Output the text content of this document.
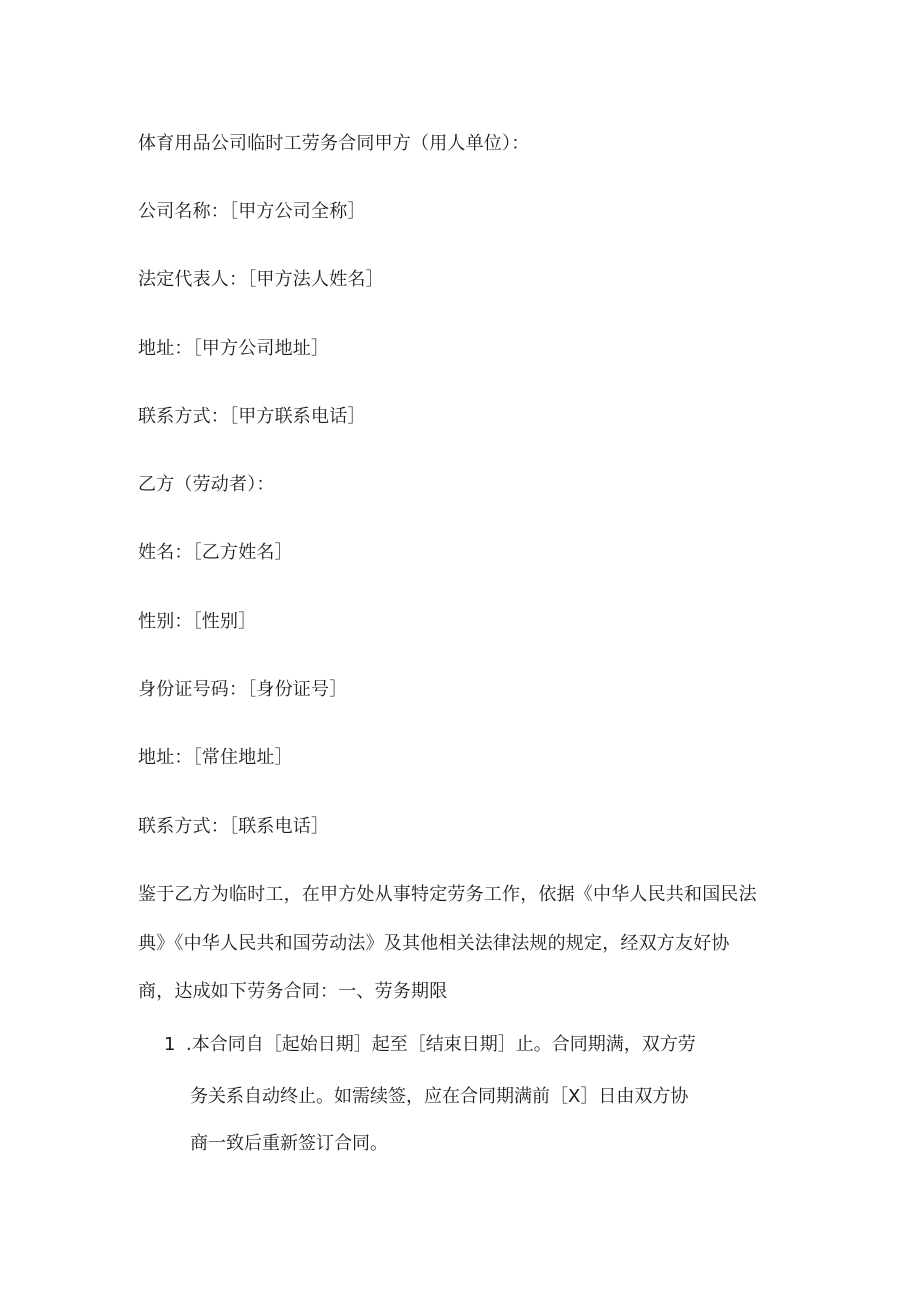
体育用品公司临时工劳务合同甲方（用人单位）：
公司名称：［甲方公司全称］
法定代表人：［甲方法人姓名］
地址：［甲方公司地址］
联系方式：［甲方联系电话］
乙方（劳动者）：
姓名：［乙方姓名］
性别：［性别］
身份证号码：［身份证号］
地址：［常住地址］
联系方式：［联系电话］
鉴于乙方为临时工，在甲方处从事特定劳务工作，依据《中华人民共和国民法
典》《中华人民共和国劳动法》及其他相关法律法规的规定，经双方友好协
商，达成如下劳务合同：一、劳务期限
1 .本合同自［起始日期］起至［结束日期］止。合同期满，双方劳
务关系自动终止。如需续签，应在合同期满前［X］日由双方协
商一致后重新签订合同。
